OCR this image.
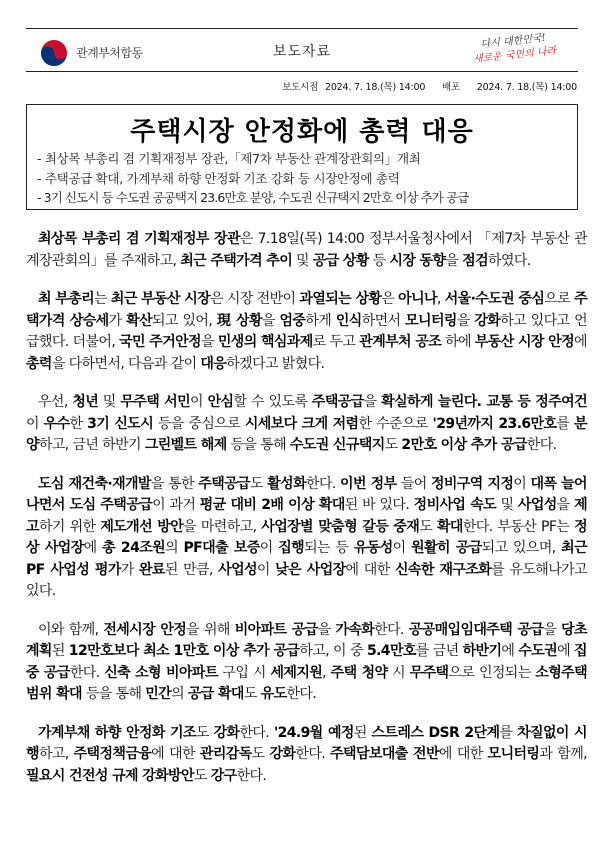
관계부처합동	보도자료
다시 대한민국!
새로운 국민의 나라
보도시점 2024. 7. 18.(목) 14:00 배포 2024. 7. 18.(목) 14:00
주택시장 안정화에 총력 대응
- 최상목 부총리 겸 기획재정부 장관,「제7차 부동산 관계장관회의」개최
- 주택공급 확대, 가계부채 하향 안정화 기조 강화 등 시장안정에 총력
- 3기 신도시 등 수도권 공공택지 23.6만호 분양, 수도권 신규택지 2만호 이상 추가 공급

최상목 부총리 겸 기획재정부 장관은 7.18일(목) 14:00 정부서울청사에서 「제7차 부동산 관계장관회의」를 주재하고, 최근 주택가격 추이 및 공급 상황 등 시장 동향을 점검하였다.

최 부총리는 최근 부동산 시장은 시장 전반이 과열되는 상황은 아니나, 서울·수도권 중심으로 주택가격 상승세가 확산되고 있어, 現 상황을 엄중하게 인식하면서 모니터링을 강화하고 있다고 언급했다. 더불어, 국민 주거안정을 민생의 핵심과제로 두고 관계부처 공조 하에 부동산 시장 안정에 총력을 다하면서, 다음과 같이 대응하겠다고 밝혔다.

우선, 청년 및 무주택 서민이 안심할 수 있도록 주택공급을 확실하게 늘린다. 교통 등 정주여건이 우수한 3기 신도시 등을 중심으로 시세보다 크게 저렴한 수준으로 '29년까지 23.6만호를 분양하고, 금년 하반기 그린벨트 해제 등을 통해 수도권 신규택지도 2만호 이상 추가 공급한다.

도심 재건축·재개발을 통한 주택공급도 활성화한다. 이번 정부 들어 정비구역 지정이 대폭 늘어나면서 도심 주택공급이 과거 평균 대비 2배 이상 확대된 바 있다. 정비사업 속도 및 사업성을 제고하기 위한 제도개선 방안을 마련하고, 사업장별 맞춤형 갈등 중재도 확대한다. 부동산 PF는 정상 사업장에 총 24조원의 PF대출 보증이 집행되는 등 유동성이 원활히 공급되고 있으며, 최근 PF 사업성 평가가 완료된 만큼, 사업성이 낮은 사업장에 대한 신속한 재구조화를 유도해나가고 있다.

이와 함께, 전세시장 안정을 위해 비아파트 공급을 가속화한다. 공공매입임대주택 공급을 당초 계획된 12만호보다 최소 1만호 이상 추가 공급하고, 이 중 5.4만호를 금년 하반기에 수도권에 집중 공급한다. 신축 소형 비아파트 구입 시 세제지원, 주택 청약 시 무주택으로 인정되는 소형주택 범위 확대 등을 통해 민간의 공급 확대도 유도한다.

가계부채 하향 안정화 기조도 강화한다. '24.9월 예정된 스트레스 DSR 2단계를 차질없이 시행하고, 주택정책금융에 대한 관리감독도 강화한다. 주택담보대출 전반에 대한 모니터링과 함께, 필요시 건전성 규제 강화방안도 강구한다.
